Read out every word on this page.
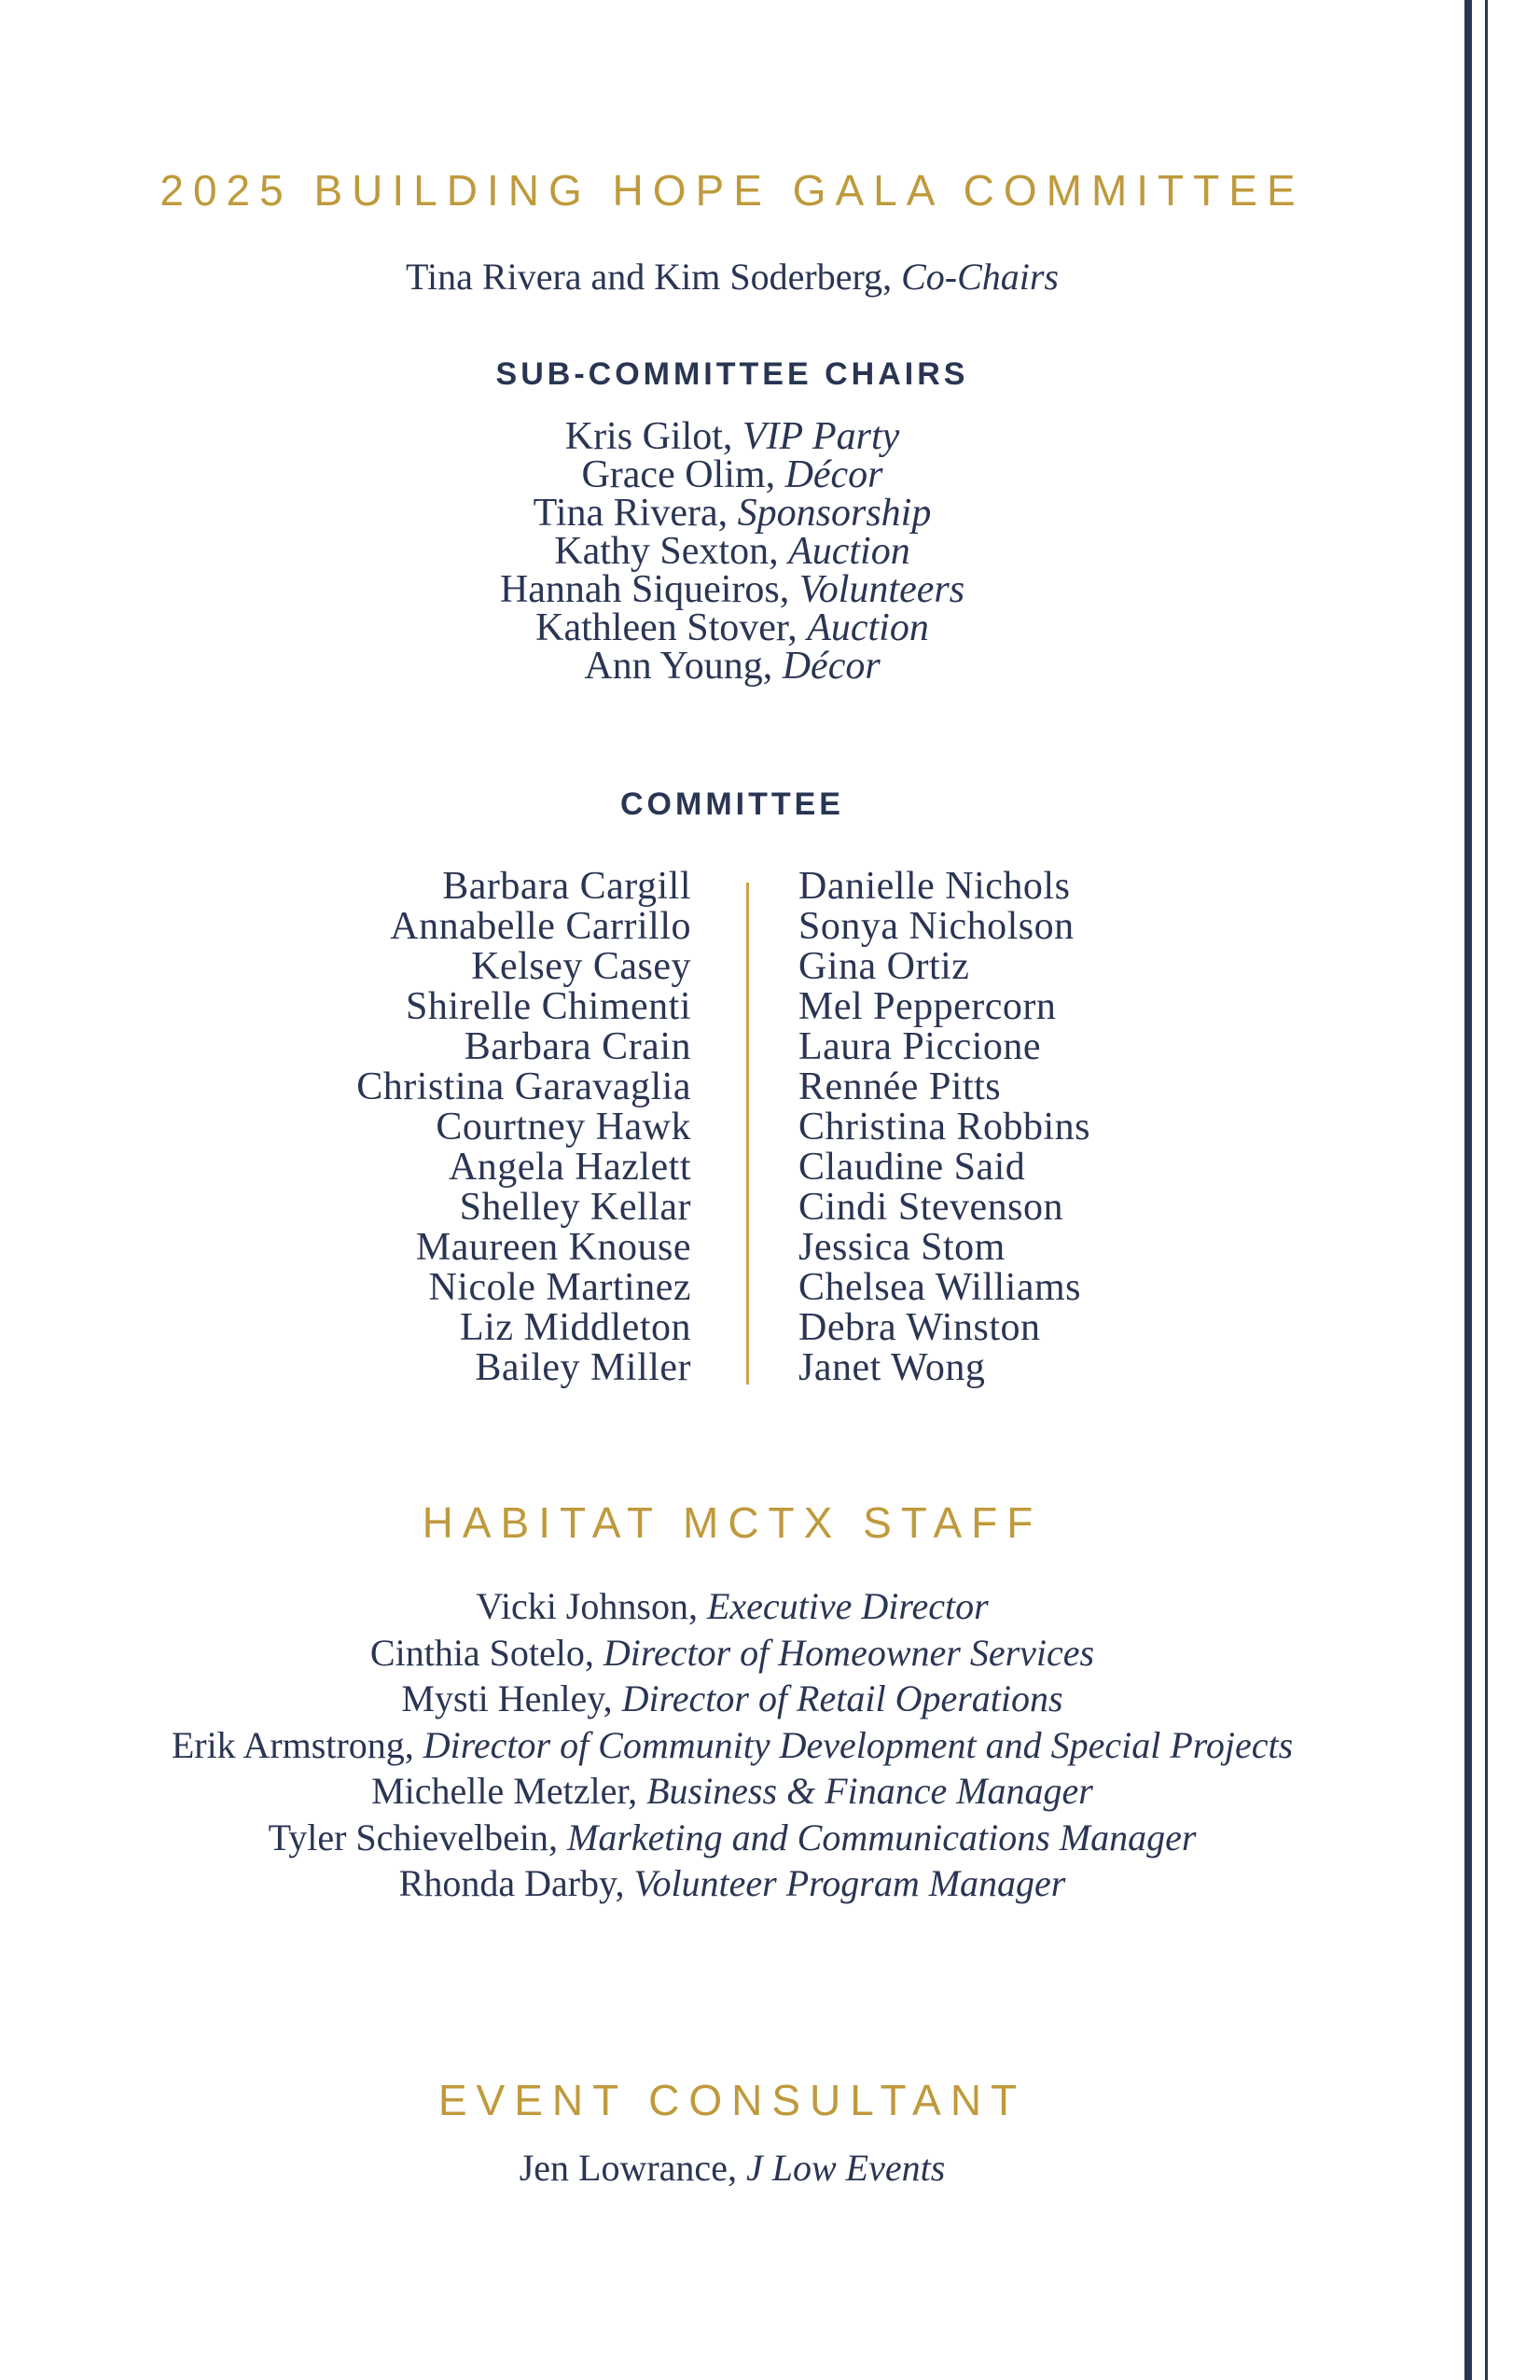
2025 BUILDING HOPE GALA COMMITTEE
Tina Rivera and Kim Soderberg, Co-Chairs
SUB-COMMITTEE CHAIRS
Kris Gilot, VIP Party
Grace Olim, Décor
Tina Rivera, Sponsorship
Kathy Sexton, Auction
Hannah Siqueiros, Volunteers
Kathleen Stover, Auction
Ann Young, Décor
COMMITTEE
Barbara Cargill
Annabelle Carrillo
Kelsey Casey
Shirelle Chimenti
Barbara Crain
Christina Garavaglia
Courtney Hawk
Angela Hazlett
Shelley Kellar
Maureen Knouse
Nicole Martinez
Liz Middleton
Bailey Miller
Danielle Nichols
Sonya Nicholson
Gina Ortiz
Mel Peppercorn
Laura Piccione
Rennée Pitts
Christina Robbins
Claudine Said
Cindi Stevenson
Jessica Stom
Chelsea Williams
Debra Winston
Janet Wong
HABITAT MCTX STAFF
Vicki Johnson, Executive Director
Cinthia Sotelo, Director of Homeowner Services
Mysti Henley, Director of Retail Operations
Erik Armstrong, Director of Community Development and Special Projects
Michelle Metzler, Business & Finance Manager
Tyler Schievelbein, Marketing and Communications Manager
Rhonda Darby, Volunteer Program Manager
EVENT CONSULTANT
Jen Lowrance, J Low Events
